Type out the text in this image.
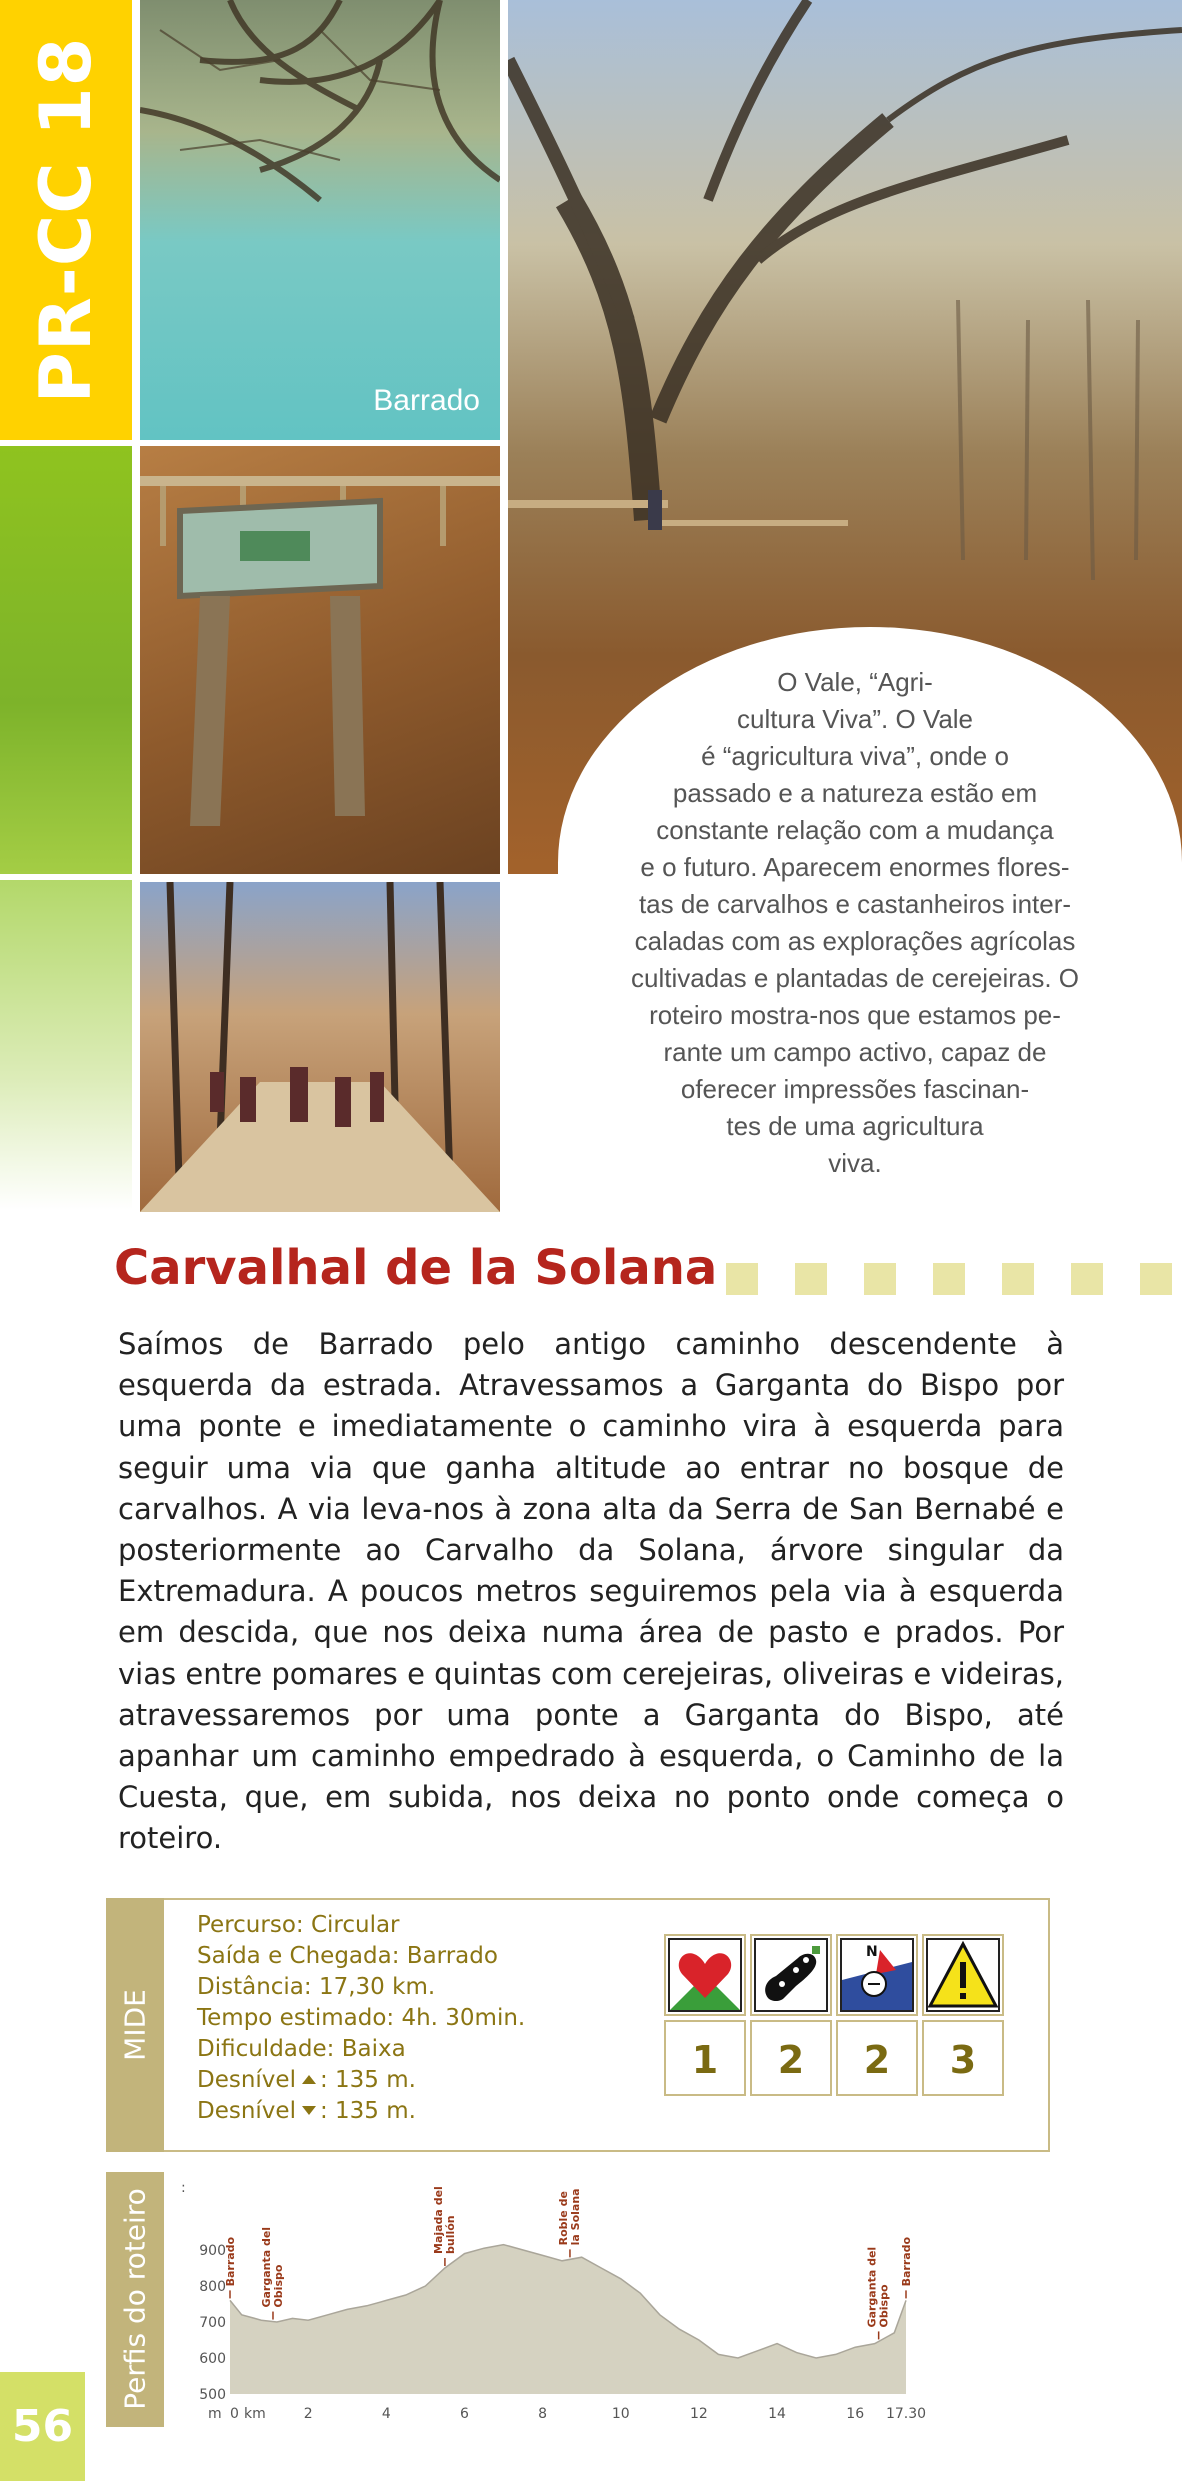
PR-CC 18	Barrado
O Vale, “Agri-
cultura Viva”. O Vale
é “agricultura viva”, onde o
passado e a natureza estão em
constante relação com a mudança
e o futuro. Aparecem enormes flores-
tas de carvalhos e castanheiros inter-
caladas com as explorações agrícolas
cultivadas e plantadas de cerejeiras. O
roteiro mostra-nos que estamos pe-
rante um campo activo, capaz de
oferecer impressões fascinan-
tes de uma agricultura
viva.
Carvalhal de la Solana
Saímos de Barrado pelo antigo caminho descendente à esquerda da estrada. Atravessamos a Garganta do Bispo por uma ponte e imediatamente o caminho vira à esquerda para seguir uma via que ganha altitude ao entrar no bosque de carvalhos. A via leva-nos à zona alta da Serra de San Bernabé e posteriormente ao Carvalho da Solana, árvore singular da Extremadura. A poucos metros seguiremos pela via à esquerda em descida, que nos deixa numa área de pasto e prados. Por vias entre pomares e quintas com cerejeiras, oliveiras e videiras, atravessaremos por uma ponte a Garganta do Bispo, até apanhar um caminho empedrado à esquerda, o Caminho de la Cuesta, que, em subida, nos deixa no ponto onde começa o roteiro.
MIDE
Percurso: Circular
Saída e Chegada: Barrado
Distância: 17,30 km.
Tempo estimado: 4h. 30min.
Dificuldade: Baixa
Desnível : 135 m.
Desnível : 135 m.
N
1	2	2	3
Perfis do roteiro
:
900
800
700
600
500
m 0 km	2	4	6	8	10	12	14	16 17.30
Barrado Garganta del Obispo
Majada del bullón	Roble de la Solana
Garganta del Obispo
Barrado
56
